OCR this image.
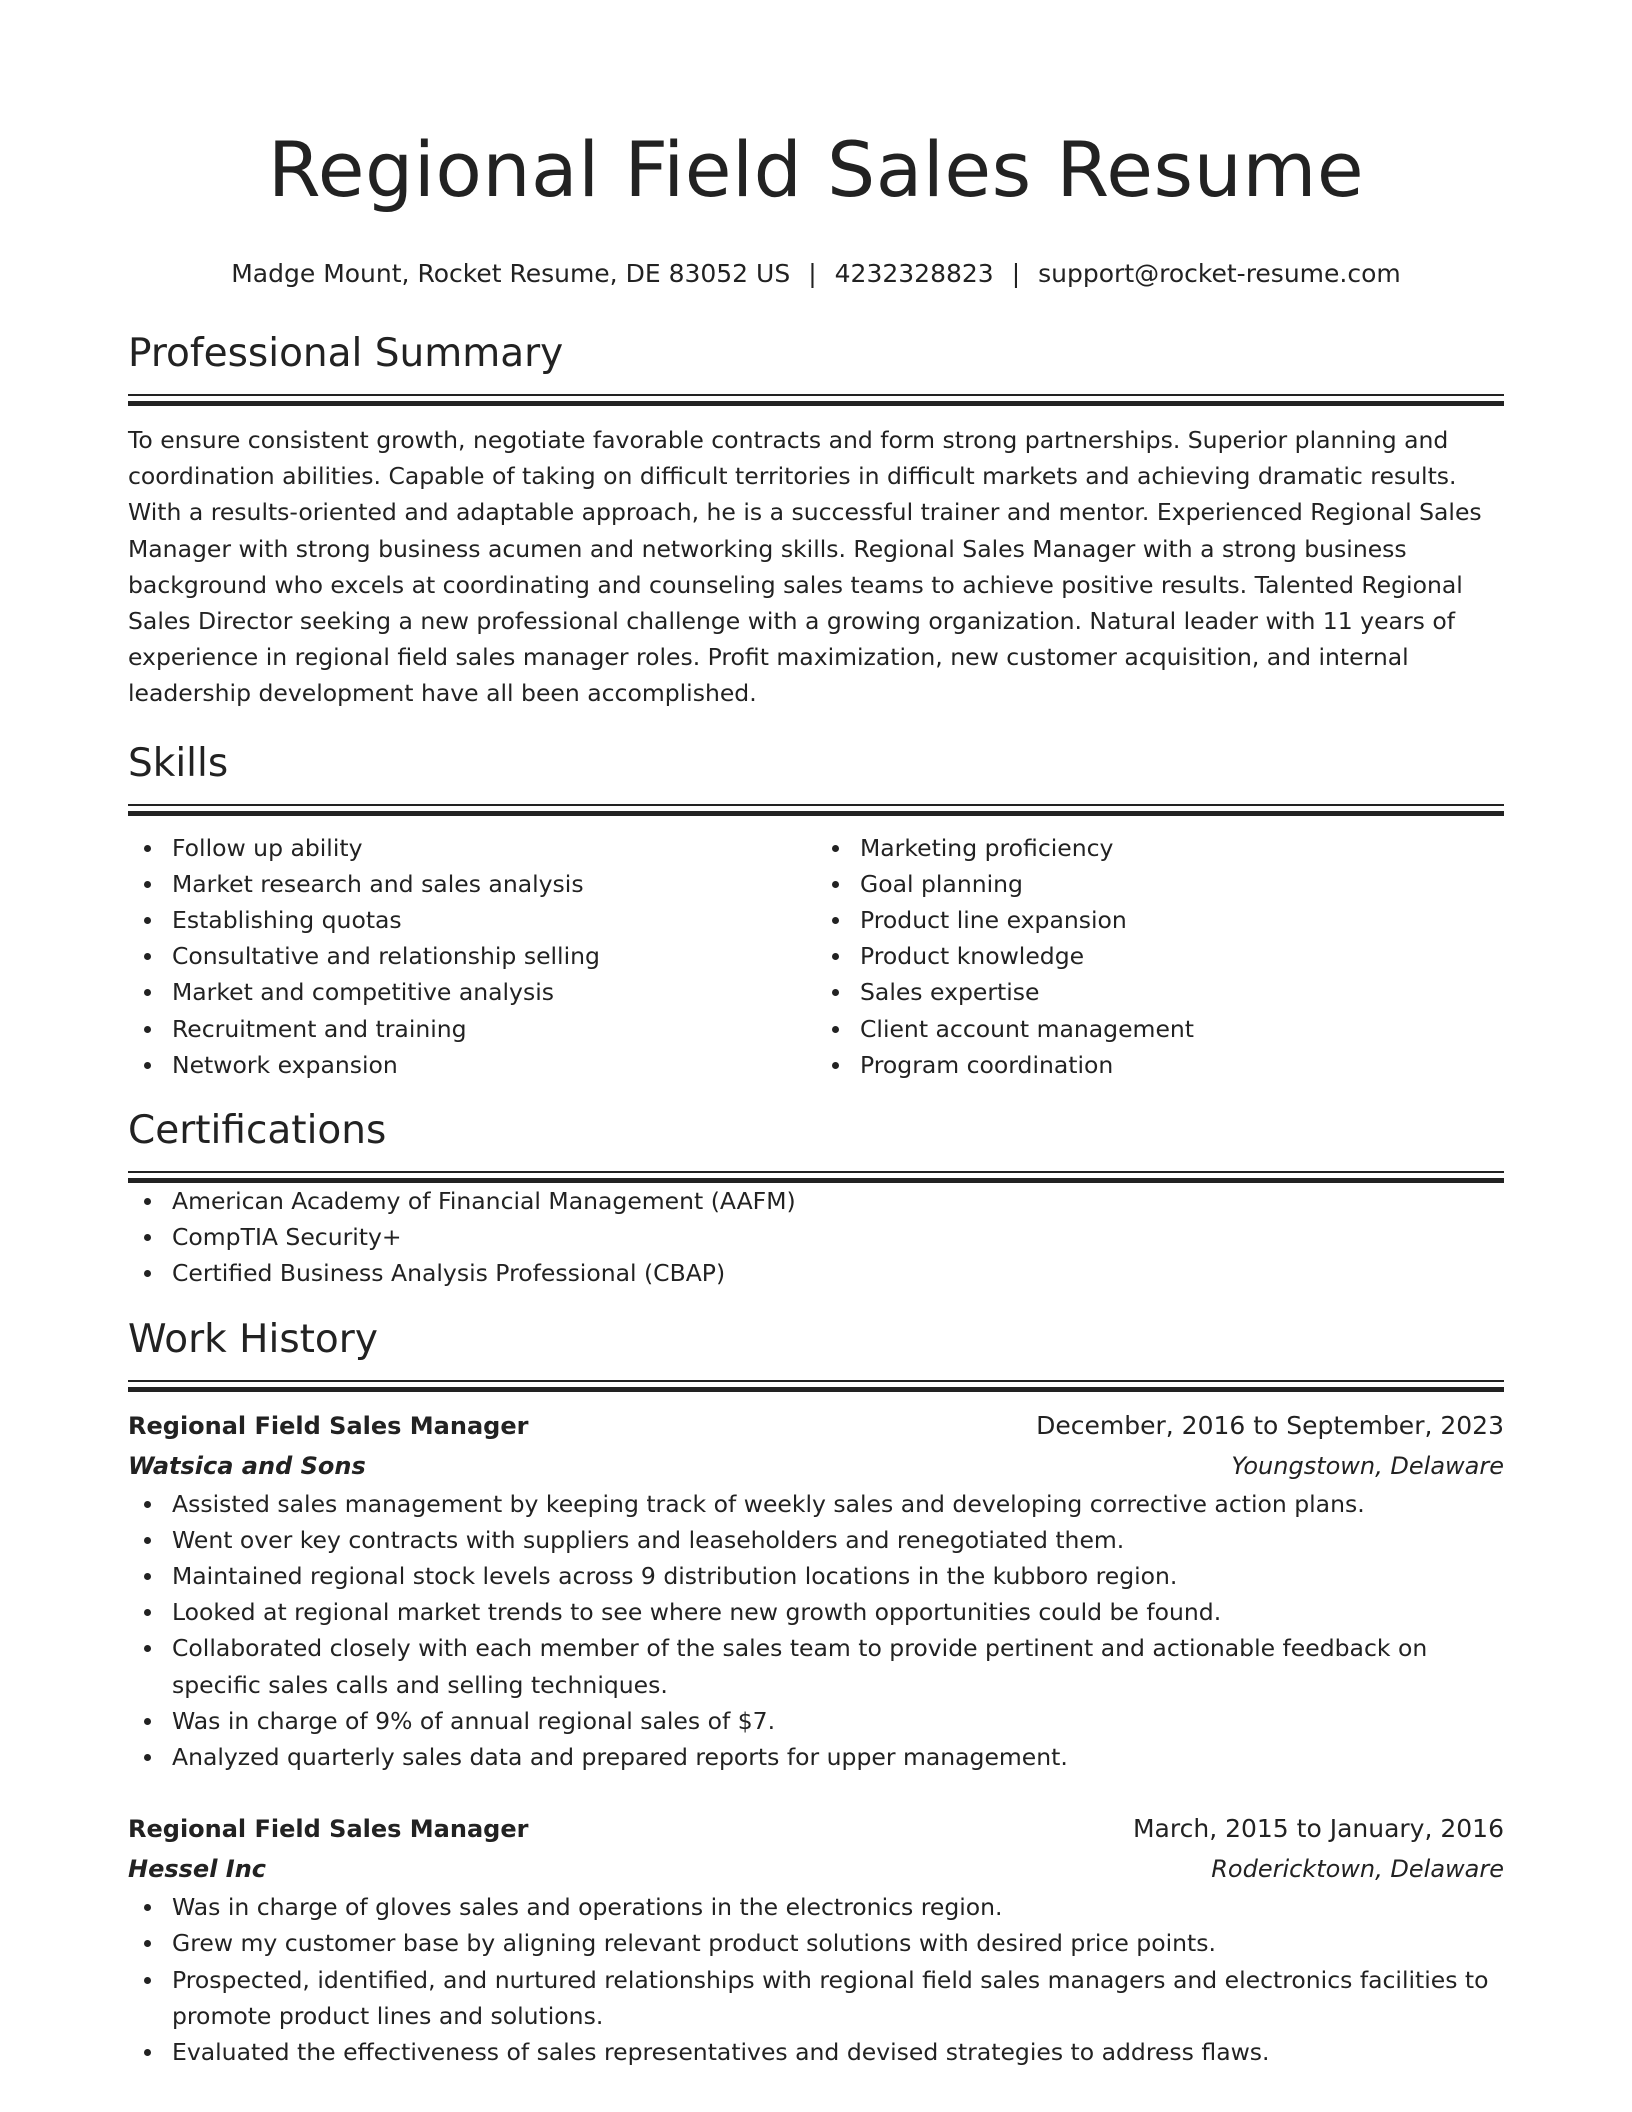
Regional Field Sales Resume
Madge Mount, Rocket Resume, DE 83052 US | 4232328823 | support@rocket-resume.com
Professional Summary

To ensure consistent growth, negotiate favorable contracts and form strong partnerships. Superior planning and coordination abilities. Capable of taking on difficult territories in difficult markets and achieving dramatic results. With a results-oriented and adaptable approach, he is a successful trainer and mentor. Experienced Regional Sales Manager with strong business acumen and networking skills. Regional Sales Manager with a strong business background who excels at coordinating and counseling sales teams to achieve positive results. Talented Regional Sales Director seeking a new professional challenge with a growing organization. Natural leader with 11 years of experience in regional field sales manager roles. Profit maximization, new customer acquisition, and internal leadership development have all been accomplished.

Skills
Follow up ability
Market research and sales analysis
Establishing quotas
Consultative and relationship selling
Market and competitive analysis
Recruitment and training
Network expansion
Marketing proficiency
Goal planning
Product line expansion
Product knowledge
Sales expertise
Client account management
Program coordination
Certifications
American Academy of Financial Management (AAFM)
CompTIA Security+
Certified Business Analysis Professional (CBAP)
Work History
Regional Field Sales Manager	December, 2016 to September, 2023
Watsica and Sons	Youngstown, Delaware
Assisted sales management by keeping track of weekly sales and developing corrective action plans.
Went over key contracts with suppliers and leaseholders and renegotiated them.
Maintained regional stock levels across 9 distribution locations in the kubboro region.
Looked at regional market trends to see where new growth opportunities could be found.
Collaborated closely with each member of the sales team to provide pertinent and actionable feedback on specific sales calls and selling techniques.
Was in charge of 9% of annual regional sales of $7.
Analyzed quarterly sales data and prepared reports for upper management.
Regional Field Sales Manager	March, 2015 to January, 2016
Hessel Inc	Rodericktown, Delaware
Was in charge of gloves sales and operations in the electronics region.
Grew my customer base by aligning relevant product solutions with desired price points.
Prospected, identified, and nurtured relationships with regional field sales managers and electronics facilities to promote product lines and solutions.
Evaluated the effectiveness of sales representatives and devised strategies to address flaws.
